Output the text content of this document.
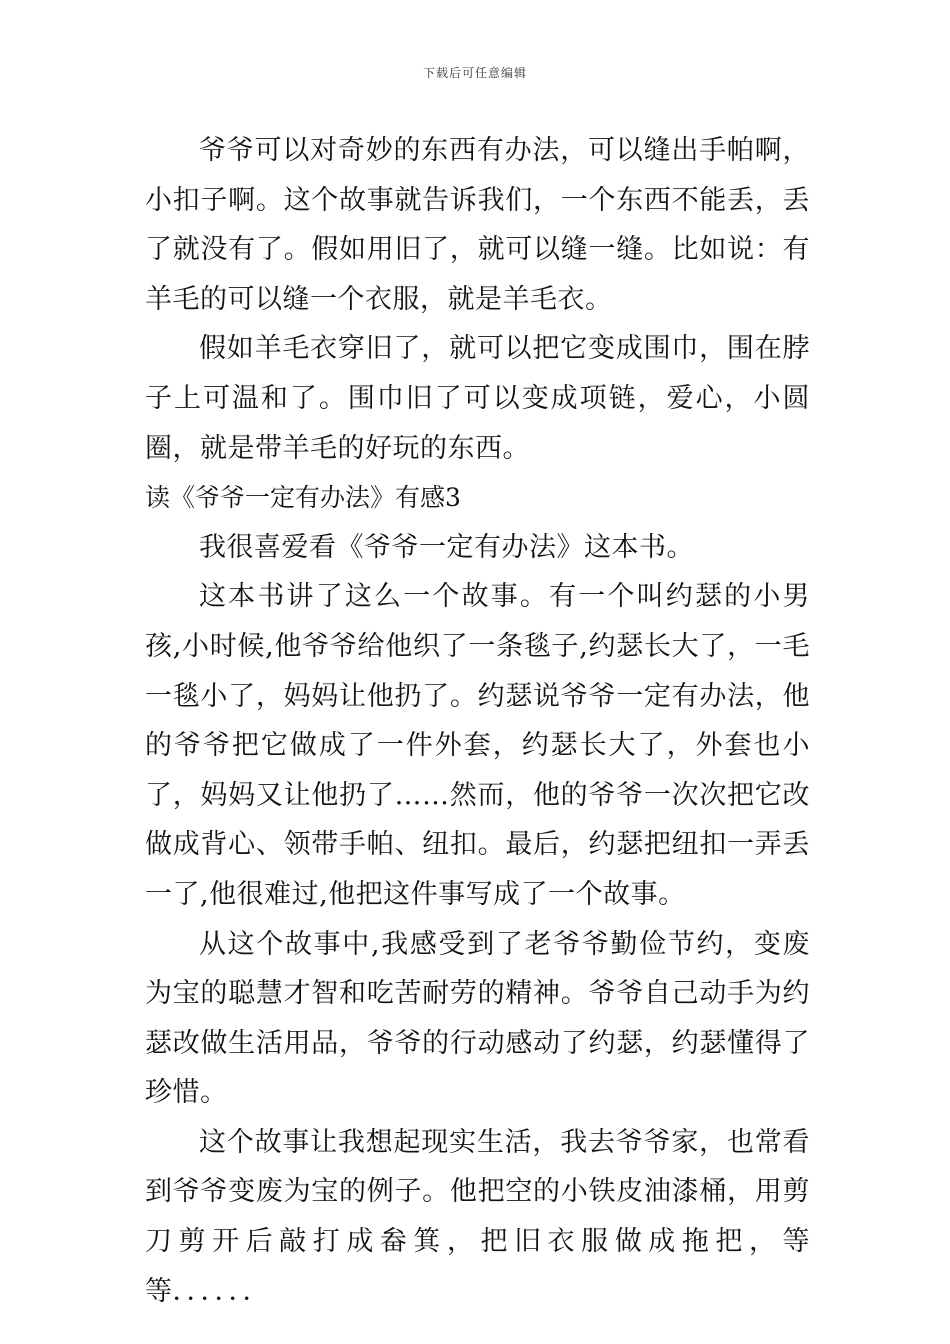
下载后可任意编辑

爷爷可以对奇妙的东西有办法，可以缝出手帕啊，小扣子啊。这个故事就告诉我们，一个东西不能丢，丢了就没有了。假如用旧了，就可以缝一缝。比如说：有羊毛的可以缝一个衣服，就是羊毛衣。

假如羊毛衣穿旧了，就可以把它变成围巾，围在脖子上可温和了。围巾旧了可以变成项链，爱心，小圆圈，就是带羊毛的好玩的东西。

读《爷爷一定有办法》有感3

我很喜爱看《爷爷一定有办法》这本书。

这本书讲了这么一个故事。有一个叫约瑟的小男孩,小时候,他爷爷给他织了一条毯子,约瑟长大了，一毛一毯小了，妈妈让他扔了。约瑟说爷爷一定有办法，他的爷爷把它做成了一件外套，约瑟长大了，外套也小了，妈妈又让他扔了……然而，他的爷爷一次次把它改做成背心、领带手帕、纽扣。最后，约瑟把纽扣一弄丢一了,他很难过,他把这件事写成了一个故事。

从这个故事中,我感受到了老爷爷勤俭节约，变废为宝的聪慧才智和吃苦耐劳的精神。爷爷自己动手为约瑟改做生活用品，爷爷的行动感动了约瑟，约瑟懂得了珍惜。

这个故事让我想起现实生活，我去爷爷家，也常看到爷爷变废为宝的例子。他把空的小铁皮油漆桶，用剪刀剪开后敲打成畚箕，把旧衣服做成拖把，等等．．．．．．
